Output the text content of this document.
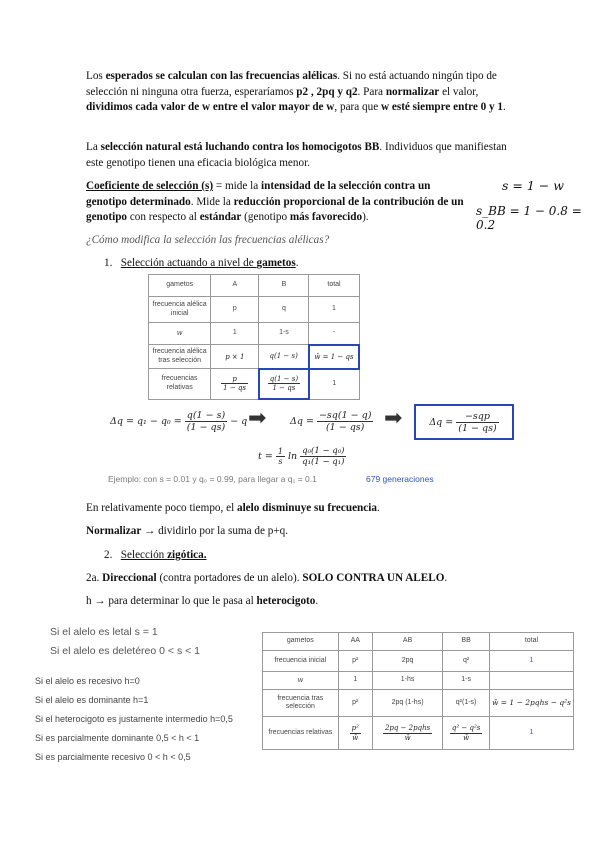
Los esperados se calculan con las frecuencias alélicas. Si no está actuando ningún tipo de selección ni ninguna otra fuerza, esperaríamos p2 , 2pq y q2. Para normalizar el valor, dividimos cada valor de w entre el valor mayor de w, para que w esté siempre entre 0 y 1.
La selección natural está luchando contra los homocigotos BB. Individuos que manifiestan este genotipo tienen una eficacia biológica menor.
Coeficiente de selección (s) = mide la intensidad de la selección contra un genotipo determinado. Mide la reducción proporcional de la contribución de un genotipo con respecto al estándar (genotipo más favorecido).
s = 1 − w
s_BB = 1 − 0.8 = 0.2
¿Cómo modifica la selección las frecuencias alélicas?
1. Selección actuando a nivel de gametos.
gametos	A	B	total
frecuencia alélica inicial	p	q	1
w	1	1-s	-
frecuencia alélica tras selección	p × 1	q(1 − s)	w̄ = 1 − qs
frecuencias relativas	$\frac{p}{1 - qs}$	$\frac{q(1 - s)}{1 - qs}$	1
$\Delta q = q_1 - q_0 = \frac{q(1 - s)}{(1 - qs)} - q$ ➡ $\Delta q = \frac{-sq(1 - q)}{(1 - qs)}$ ➡	Δq =
$\frac{\text{−sqp}}{(1 - qs)}$
$t = \frac{1}{s}$ $\ln \frac{\text{q₀(1 − q₀)}}{\text{q₁(1 − q₁)}}$
Ejemplo: con s = 0.01 y q₀ = 0.99, para llegar a q₁ = 0.1	679 generaciones
En relativamente poco tiempo, el alelo disminuye su frecuencia.
Normalizar → dividirlo por la suma de p+q.
2. Selección zigótica.
2a. Direccional (contra portadores de un alelo). SOLO CONTRA UN ALELO.
h → para determinar lo que le pasa al heterocigoto.
Si el alelo es letal s = 1
Si el alelo es deletéreo 0 < s < 1
Si el alelo es recesivo h=0
Si el alelo es dominante h=1
Si el heterocigoto es justamente intermedio h=0,5
Si es parcialmente dominante 0,5 < h < 1
Si es parcialmente recesivo 0 < h < 0,5
gametos	AA	AB	BB	total
frecuencia inicial	p²	2pq	q²	1
w	1	1-hs	1-s	
frecuencia tras selección	p²	2pq (1-hs)	q²(1-s)	w̄ = 1 − 2pqhs − q²s
frecuencias relativas	$\frac{\text{p²}}{w̄}$	$\frac{\text{2pq − 2pqhs}}{w̄}$	$\frac{\text{q² − q²s}}{w̄}$	1
